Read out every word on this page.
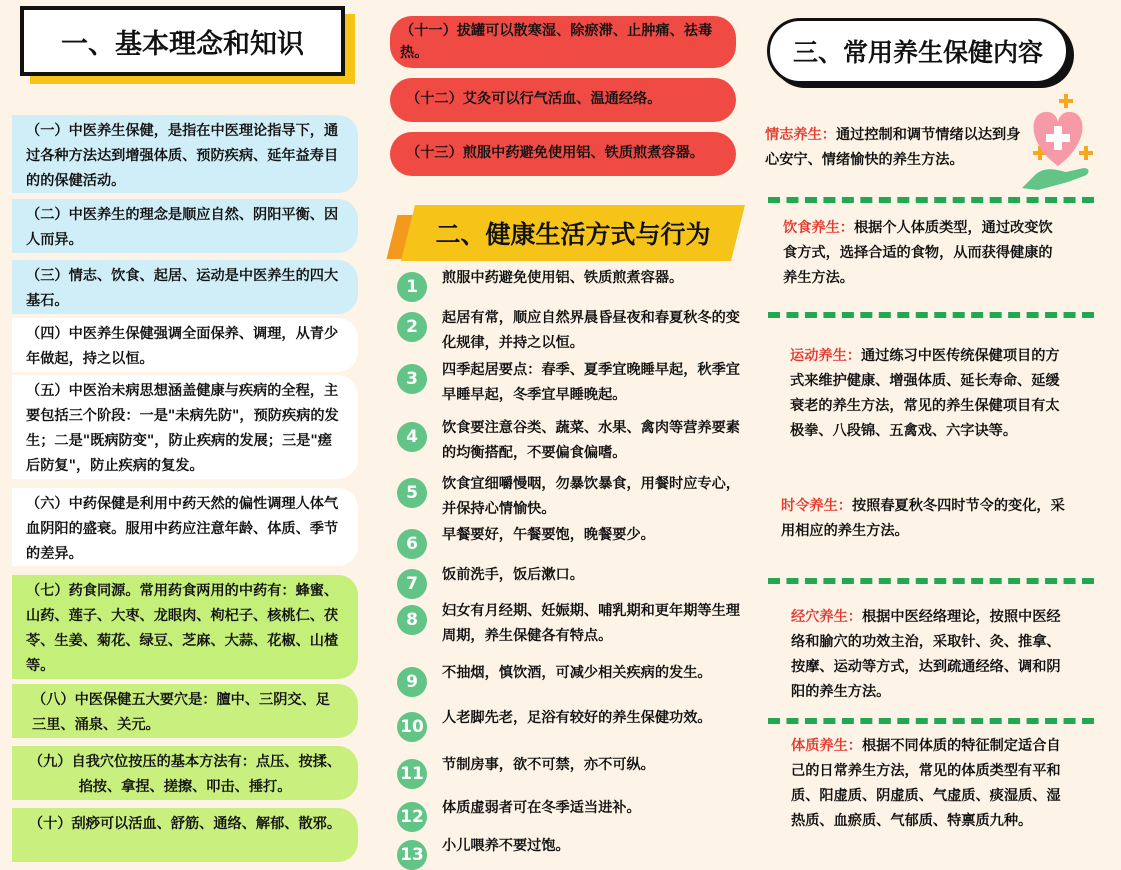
一、基本理念和知识
（一）中医养生保健，是指在中医理论指导下，通过各种方法达到增强体质、预防疾病、延年益寿目的的保健活动。
（二）中医养生的理念是顺应自然、阴阳平衡、因人而异。
（三）情志、饮食、起居、运动是中医养生的四大基石。
（四）中医养生保健强调全面保养、调理，从青少年做起，持之以恒。
（五）中医治未病思想涵盖健康与疾病的全程，主要包括三个阶段：一是"未病先防"，预防疾病的发生；二是"既病防变"，防止疾病的发展；三是"瘥后防复"，防止疾病的复发。
（六）中药保健是利用中药天然的偏性调理人体气血阴阳的盛衰。服用中药应注意年龄、体质、季节的差异。
（七）药食同源。常用药食两用的中药有：蜂蜜、山药、莲子、大枣、龙眼肉、枸杞子、核桃仁、茯苓、生姜、菊花、绿豆、芝麻、大蒜、花椒、山楂等。
（八）中医保健五大要穴是：膻中、三阴交、足三里、涌泉、关元。
（九）自我穴位按压的基本方法有：点压、按揉、掐按、拿捏、搓擦、叩击、捶打。
（十）刮痧可以活血、舒筋、通络、解郁、散邪。
（十一）拔罐可以散寒湿、除瘀滞、止肿痛、祛毒热。
（十二）艾灸可以行气活血、温通经络。
（十三）煎服中药避免使用铝、铁质煎煮容器。
二、健康生活方式与行为
1	煎服中药避免使用铝、铁质煎煮容器。
2	起居有常，顺应自然界晨昏昼夜和春夏秋冬的变化规律，并持之以恒。
3	四季起居要点：春季、夏季宜晚睡早起，秋季宜早睡早起，冬季宜早睡晚起。
4	饮食要注意谷类、蔬菜、水果、禽肉等营养要素的均衡搭配，不要偏食偏嗜。
5	饮食宜细嚼慢咽，勿暴饮暴食，用餐时应专心，并保持心情愉快。
6	早餐要好，午餐要饱，晚餐要少。
7	饭前洗手，饭后漱口。
8	妇女有月经期、妊娠期、哺乳期和更年期等生理周期，养生保健各有特点。
9	不抽烟，慎饮酒，可减少相关疾病的发生。
10 人老脚先老，足浴有较好的养生保健功效。
11 节制房事，欲不可禁，亦不可纵。
12 体质虚弱者可在冬季适当进补。
13 小儿喂养不要过饱。
三、常用养生保健内容
情志养生：通过控制和调节情绪以达到身心安宁、情绪愉快的养生方法。
饮食养生：根据个人体质类型，通过改变饮食方式，选择合适的食物，从而获得健康的养生方法。
运动养生：通过练习中医传统保健项目的方式来维护健康、增强体质、延长寿命、延缓衰老的养生方法，常见的养生保健项目有太极拳、八段锦、五禽戏、六字诀等。
时令养生：按照春夏秋冬四时节令的变化，采用相应的养生方法。
经穴养生：根据中医经络理论，按照中医经络和腧穴的功效主治，采取针、灸、推拿、按摩、运动等方式，达到疏通经络、调和阴阳的养生方法。
体质养生：根据不同体质的特征制定适合自己的日常养生方法，常见的体质类型有平和质、阳虚质、阴虚质、气虚质、痰湿质、湿热质、血瘀质、气郁质、特禀质九种。
